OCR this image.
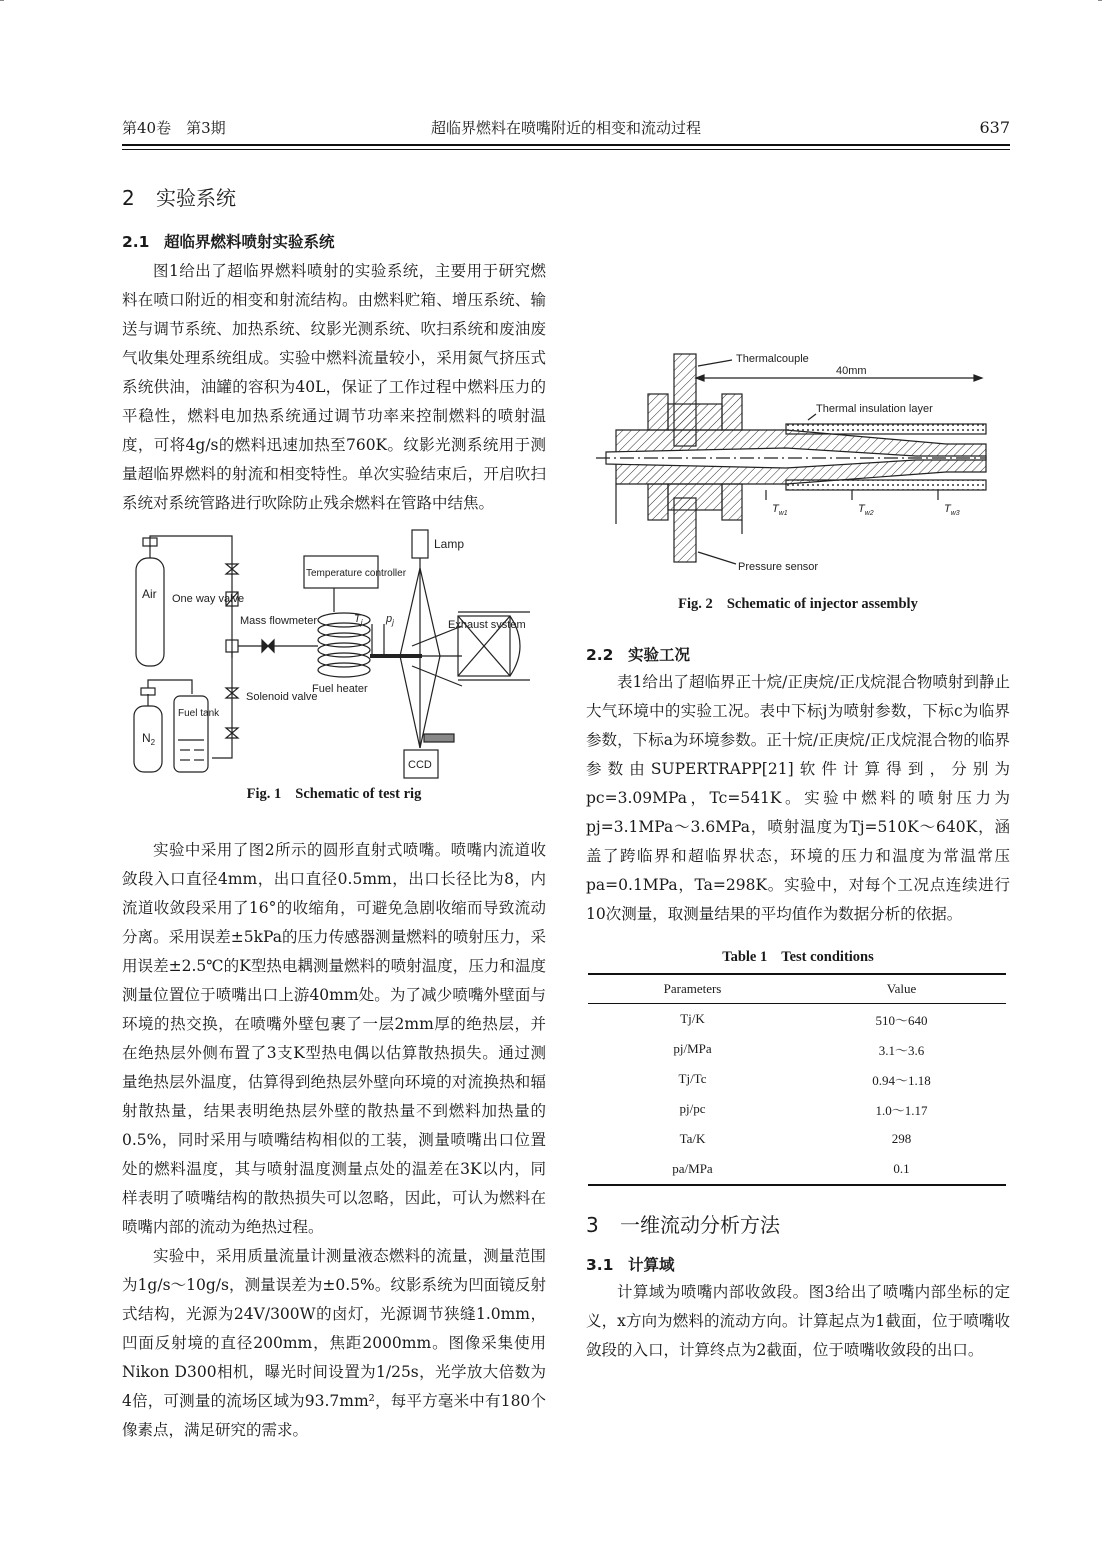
第40卷　第3期	超临界燃料在喷嘴附近的相变和流动过程	637
2 实验系统
2.1 超临界燃料喷射实验系统

图1给出了超临界燃料喷射的实验系统，主要用于研究燃料在喷口附近的相变和射流结构。由燃料贮箱、增压系统、输送与调节系统、加热系统、纹影光测系统、吹扫系统和废油废气收集处理系统组成。实验中燃料流量较小，采用氮气挤压式系统供油，油罐的容积为40L，保证了工作过程中燃料压力的平稳性，燃料电加热系统通过调节功率来控制燃料的喷射温度，可将4g/s的燃料迅速加热至760K。纹影光测系统用于测量超临界燃料的射流和相变特性。单次实验结束后，开启吹扫系统对系统管路进行吹除防止残余燃料在管路中结焦。

Air One way valve
Mass flowmeter
Temperature controller
Fuel heater
Solenoid valve
Fuel tank
$N_2$
Lamp
Exhaust system
CCD
$T_j$ $p_j$
Fig. 1 Schematic of test rig

实验中采用了图2所示的圆形直射式喷嘴。喷嘴内流道收敛段入口直径4mm，出口直径0.5mm，出口长径比为8，内流道收敛段采用了16°的收缩角，可避免急剧收缩而导致流动分离。采用误差±5kPa的压力传感器测量燃料的喷射压力，采用误差±2.5℃的K型热电耦测量燃料的喷射温度，压力和温度测量位置位于喷嘴出口上游40mm处。为了减少喷嘴外壁面与环境的热交换，在喷嘴外壁包裹了一层2mm厚的绝热层，并在绝热层外侧布置了3支K型热电偶以估算散热损失。通过测量绝热层外温度，估算得到绝热层外壁向环境的对流换热和辐射散热量，结果表明绝热层外壁的散热量不到燃料加热量的0.5%，同时采用与喷嘴结构相似的工装，测量喷嘴出口位置处的燃料温度，其与喷射温度测量点处的温差在3K以内，同样表明了喷嘴结构的散热损失可以忽略，因此，可认为燃料在喷嘴内部的流动为绝热过程。

实验中，采用质量流量计测量液态燃料的流量，测量范围为1g/s～10g/s，测量误差为±0.5%。纹影系统为凹面镜反射式结构，光源为24V/300W的卤灯，光源调节狭缝1.0mm，凹面反射境的直径200mm，焦距2000mm。图像采集使用Nikon D300相机，曝光时间设置为1/25s，光学放大倍数为4倍，可测量的流场区域为93.7mm²，每平方毫米中有180个像素点，满足研究的需求。

Thermalcouple
40mm
Thermal insulation layer
$T_{w1}$	$T_{w2}$	$T_{w3}$
Pressure sensor
Fig. 2 Schematic of injector assembly
2.2 实验工况

表1给出了超临界正十烷/正庚烷/正戊烷混合物喷射到静止大气环境中的实验工况。表中下标j为喷射参数，下标c为临界参数，下标a为环境参数。正十烷/正庚烷/正戊烷混合物的临界参数由SUPERTRAPP[21]软件计算得到，分别为pc=3.09MPa，Tc=541K。实验中燃料的喷射压力为pj=3.1MPa～3.6MPa，喷射温度为Tj=510K～640K，涵盖了跨临界和超临界状态，环境的压力和温度为常温常压pa=0.1MPa，Ta=298K。实验中，对每个工况点连续进行10次测量，取测量结果的平均值作为数据分析的依据。

Table 1 Test conditions
Parameters	Value
Tj/K	510～640
pj/MPa	3.1～3.6
Tj/Tc	0.94～1.18
pj/pc	1.0～1.17
Ta/K	298
pa/MPa	0.1
3 一维流动分析方法
3.1 计算域

计算域为喷嘴内部收敛段。图3给出了喷嘴内部坐标的定义，x方向为燃料的流动方向。计算起点为1截面，位于喷嘴收敛段的入口，计算终点为2截面，位于喷嘴收敛段的出口。
